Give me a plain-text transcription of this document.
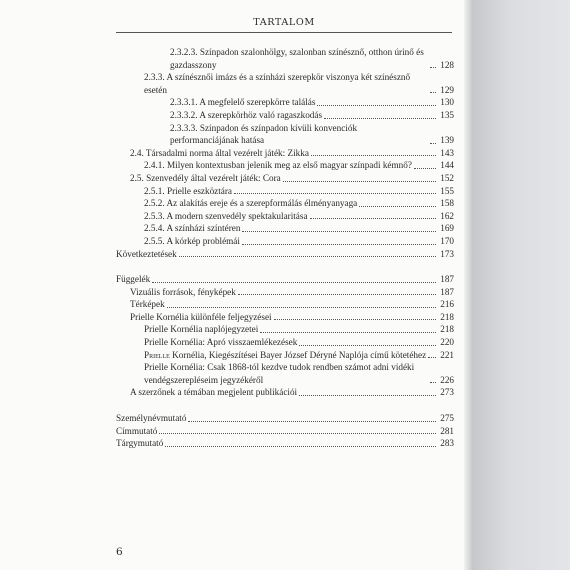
TARTALOM
2.3.2.3. Színpadon szalonhölgy, szalonban színésznő, otthon úrinő és gazdasszony	128
2.3.3. A színésznői imázs és a színházi szerepkör viszonya két színésznő esetén	129
2.3.3.1. A megfelelő szerepkörre találás	130
2.3.3.2. A szerepkörhöz való ragaszkodás	135
2.3.3.3. Színpadon és színpadon kívüli konvenciók performanciájának hatása	139
2.4. Társadalmi norma által vezérelt játék: Zikka	143
2.4.1. Milyen kontextusban jelenik meg az első magyar színpadi kémnő?	144
2.5. Szenvedély által vezérelt játék: Cora	152
2.5.1. Prielle eszköztára	155
2.5.2. Az alakítás ereje és a szerepformálás élményanyaga	158
2.5.3. A modern szenvedély spektakularitása	162
2.5.4. A színházi színtéren	169
2.5.5. A kórkép problémái	170
Következtetések	173
Függelék	187
Vizuális források, fényképek	187
Térképek	216
Prielle Kornélia különféle feljegyzései	218
Prielle Kornélia naplójegyzetei	218
Prielle Kornélia: Apró visszaemlékezések	220
Prielle Kornélia, Kiegészítései Bayer József Déryné Naplója című kötetéhez 221
Prielle Kornélia: Csak 1868-tól kezdve tudok rendben számot adni vidéki vendégszerepléseim jegyzékéről	226
A szerzőnek a témában megjelent publikációi	273
Személynévmutató	275
Címmutató	281
Tárgymutató	283
6
